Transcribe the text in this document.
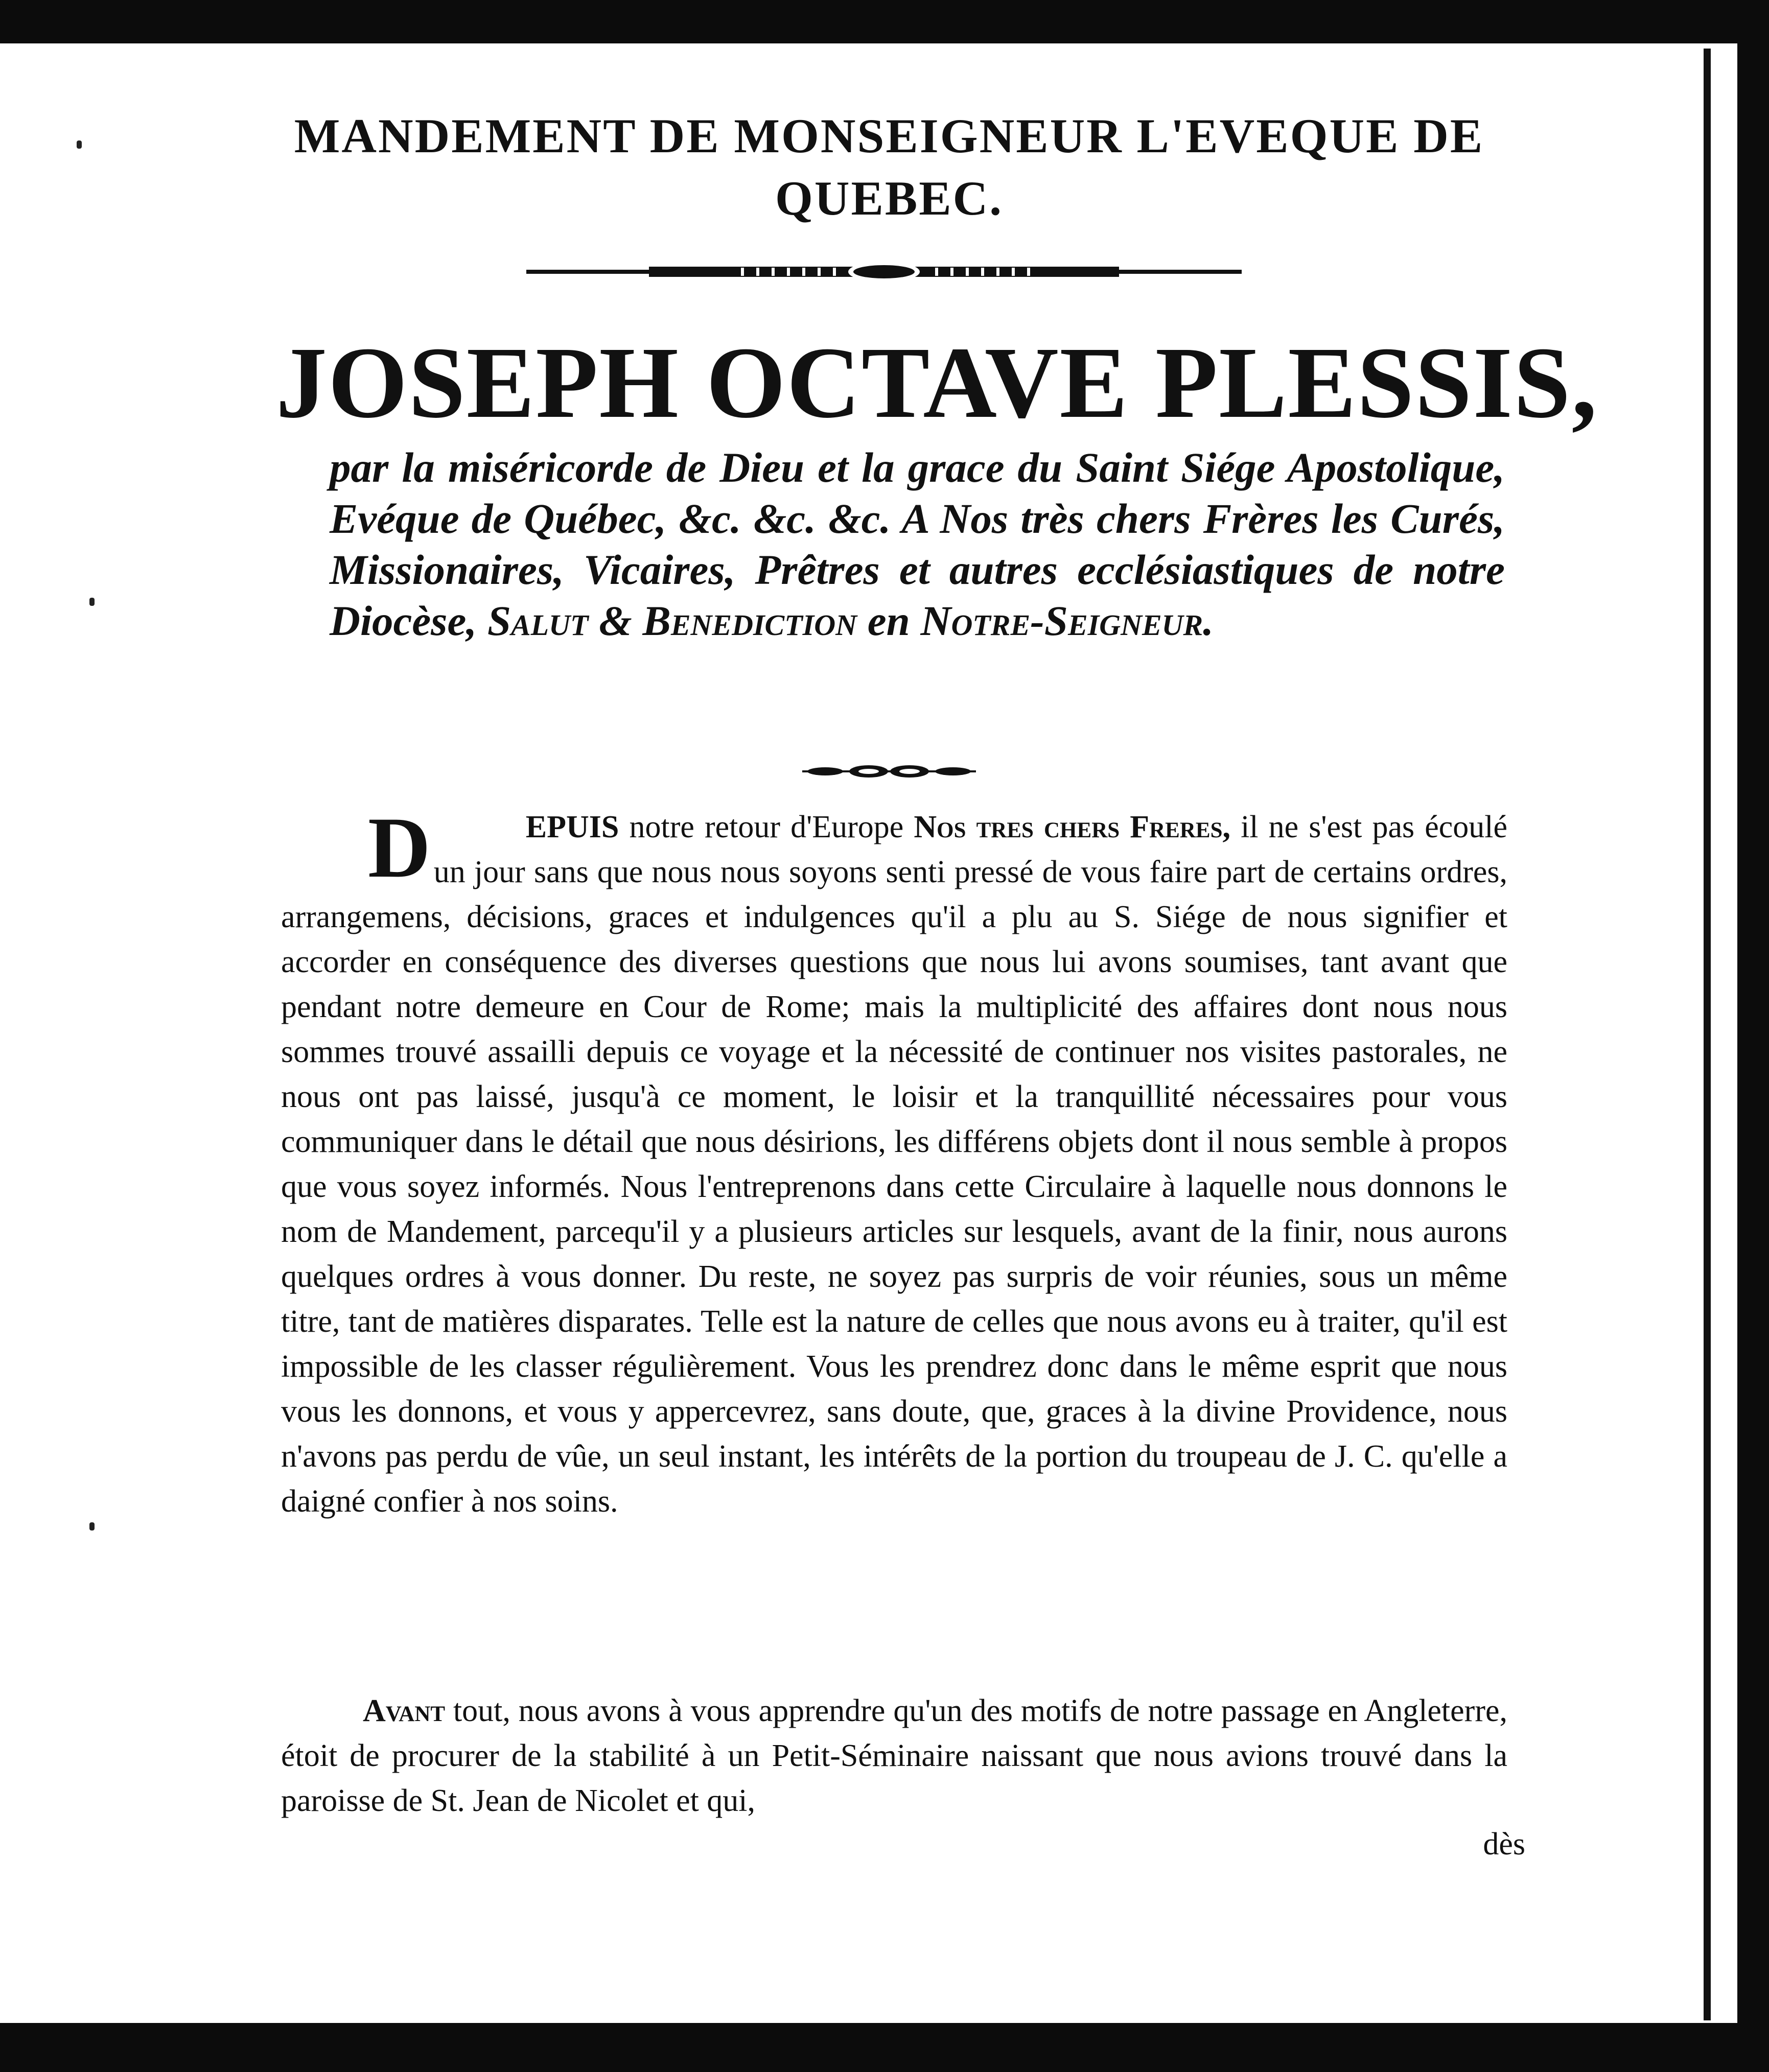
MANDEMENT DE MONSEIGNEUR L'EVEQUE DE QUEBEC.
JOSEPH OCTAVE PLESSIS,

par la miséricorde de Dieu et la grace du Saint Siége Apostolique, Evéque de Québec, &c. &c. &c. A Nos très chers Frères les Curés, Missionaires, Vicaires, Prêtres et autres ecclésiastiques de notre Diocèse, Salut & Benediction en Notre-Seigneur.

D	EPUIS notre retour d'Europe Nos tres chers Freres, il ne s'est pas écoulé un jour sans que nous nous soyons senti pressé de vous faire part de certains ordres, arrangemens, décisions, graces et indulgences qu'il a plu au S. Siége de nous signifier et accorder en conséquence des diverses questions que nous lui avons soumises, tant avant que pendant notre demeure en Cour de Rome; mais la multiplicité des affaires dont nous nous sommes trouvé assailli depuis ce voyage et la nécessité de continuer nos visites pastorales, ne nous ont pas laissé, jusqu'à ce moment, le loisir et la tranquillité nécessaires pour vous communiquer dans le détail que nous désirions, les différens objets dont il nous semble à propos que vous soyez informés. Nous l'entreprenons dans cette Circulaire à laquelle nous donnons le nom de Mandement, parcequ'il y a plusieurs articles sur lesquels, avant de la finir, nous aurons quelques ordres à vous donner. Du reste, ne soyez pas surpris de voir réunies, sous un même titre, tant de matières disparates. Telle est la nature de celles que nous avons eu à traiter, qu'il est impossible de les classer régulièrement. Vous les prendrez donc dans le même esprit que nous vous les donnons, et vous y appercevrez, sans doute, que, graces à la divine Providence, nous n'avons pas perdu de vûe, un seul instant, les intérêts de la portion du troupeau de J. C. qu'elle a daigné confier à nos soins.

Avant tout, nous avons à vous apprendre qu'un des motifs de notre passage en Angleterre, étoit de procurer de la stabilité à un Petit-Séminaire naissant que nous avions trouvé dans la paroisse de St. Jean de Nicolet et qui,

dès
